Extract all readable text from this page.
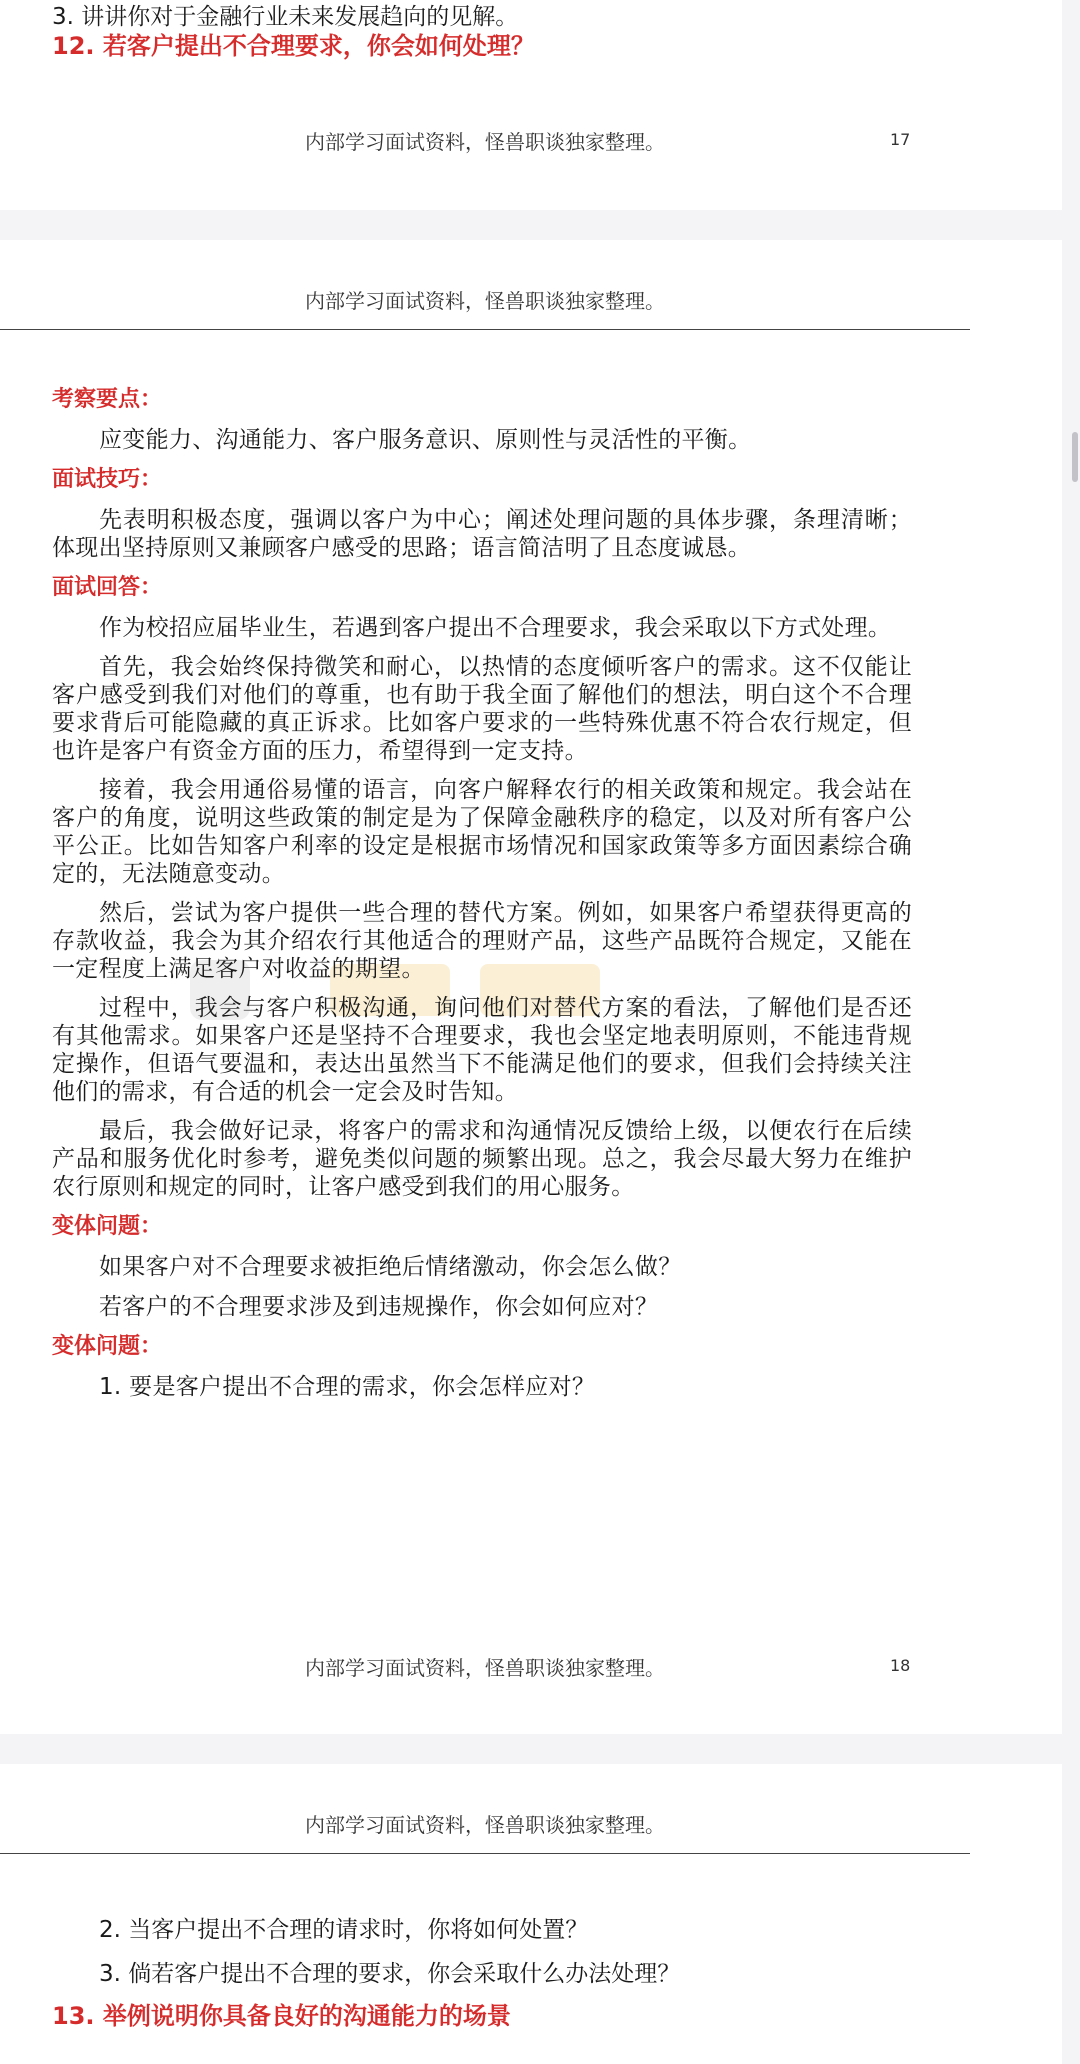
3. 讲讲你对于金融行业未来发展趋向的见解。
12. 若客户提出不合理要求，你会如何处理？
内部学习面试资料，怪兽职谈独家整理。	17
内部学习面试资料，怪兽职谈独家整理。

考察要点：

应变能力、沟通能力、客户服务意识、原则性与灵活性的平衡。

面试技巧：

先表明积极态度，强调以客户为中心；阐述处理问题的具体步骤，条理清晰；体现出坚持原则又兼顾客户感受的思路；语言简洁明了且态度诚恳。

面试回答：

作为校招应届毕业生，若遇到客户提出不合理要求，我会采取以下方式处理。

首先，我会始终保持微笑和耐心，以热情的态度倾听客户的需求。这不仅能让客户感受到我们对他们的尊重，也有助于我全面了解他们的想法，明白这个不合理要求背后可能隐藏的真正诉求。比如客户要求的一些特殊优惠不符合农行规定，但也许是客户有资金方面的压力，希望得到一定支持。

接着，我会用通俗易懂的语言，向客户解释农行的相关政策和规定。我会站在客户的角度，说明这些政策的制定是为了保障金融秩序的稳定，以及对所有客户公平公正。比如告知客户利率的设定是根据市场情况和国家政策等多方面因素综合确定的，无法随意变动。

然后，尝试为客户提供一些合理的替代方案。例如，如果客户希望获得更高的存款收益，我会为其介绍农行其他适合的理财产品，这些产品既符合规定，又能在一定程度上满足客户对收益的期望。

过程中，我会与客户积极沟通，询问他们对替代方案的看法，了解他们是否还有其他需求。如果客户还是坚持不合理要求，我也会坚定地表明原则，不能违背规定操作，但语气要温和，表达出虽然当下不能满足他们的要求，但我们会持续关注他们的需求，有合适的机会一定会及时告知。

最后，我会做好记录，将客户的需求和沟通情况反馈给上级，以便农行在后续产品和服务优化时参考，避免类似问题的频繁出现。总之，我会尽最大努力在维护农行原则和规定的同时，让客户感受到我们的用心服务。

变体问题：

如果客户对不合理要求被拒绝后情绪激动，你会怎么做？

若客户的不合理要求涉及到违规操作，你会如何应对？

变体问题：

1. 要是客户提出不合理的需求，你会怎样应对？

内部学习面试资料，怪兽职谈独家整理。	18
内部学习面试资料，怪兽职谈独家整理。
2. 当客户提出不合理的请求时，你将如何处置？
3. 倘若客户提出不合理的要求，你会采取什么办法处理？
13. 举例说明你具备良好的沟通能力的场景
